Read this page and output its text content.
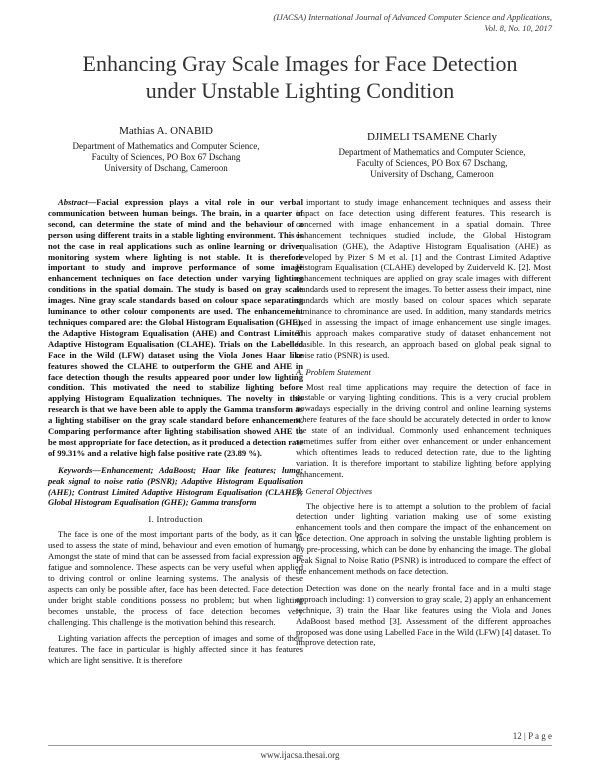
(IJACSA) International Journal of Advanced Computer Science and Applications,
Vol. 8, No. 10, 2017
Enhancing Gray Scale Images for Face Detection
under Unstable Lighting Condition
Mathias A. ONABID
Department of Mathematics and Computer Science,
Faculty of Sciences, PO Box 67 Dschang
University of Dschang, Cameroon
DJIMELI TSAMENE Charly
Department of Mathematics and Computer Science,
Faculty of Sciences, PO Box 67 Dschang,
University of Dschang, Cameroon

Abstract—Facial expression plays a vital role in our verbal communication between human beings. The brain, in a quarter of second, can determine the state of mind and the behaviour of a person using different traits in a stable lighting environment. This is not the case in real applications such as online learning or driver monitoring system where lighting is not stable. It is therefore important to study and improve performance of some image enhancement techniques on face detection under varying lighting conditions in the spatial domain. The study is based on gray scale images. Nine gray scale standards based on colour space separating luminance to other colour components are used. The enhancement techniques compared are: the Global Histogram Equalisation (GHE), the Adaptive Histogram Equalisation (AHE) and Contrast Limited Adaptive Histogram Equalisation (CLAHE). Trials on the Labelled Face in the Wild (LFW) dataset using the Viola Jones Haar like features showed the CLAHE to outperform the GHE and AHE in face detection though the results appeared poor under low lighting condition. This motivated the need to stabilize lighting before applying Histogram Equalization techniques. The novelty in this research is that we have been able to apply the Gamma transform as a lighting stabiliser on the gray scale standard before enhancement. Comparing performance after lighting stabilisation showed AHE to be most appropriate for face detection, as it produced a detection rate of 99.31% and a relative high false positive rate (23.89 %).

Keywords—Enhancement; AdaBoost; Haar like features; luma; peak signal to noise ratio (PSNR); Adaptive Histogram Equalisation (AHE); Contrast Limited Adaptive Histogram Equalisation (CLAHE); Global Histogram Equalisation (GHE); Gamma transform

I. Introduction

The face is one of the most important parts of the body, as it can be used to assess the state of mind, behaviour and even emotion of humans. Amongst the state of mind that can be assessed from facial expression are fatigue and somnolence. These aspects can be very useful when applied to driving control or online learning systems. The analysis of these aspects can only be possible after, face has been detected. Face detection under bright stable conditions possess no problem; but when lighting becomes unstable, the process of face detection becomes very challenging. This challenge is the motivation behind this research.

Lighting variation affects the perception of images and some of their features. The face in particular is highly affected since it has features which are light sensitive. It is therefore

important to study image enhancement techniques and assess their impact on face detection using different features. This research is concerned with image enhancement in a spatial domain. Three enhancement techniques studied include, the Global Histogram equalisation (GHE), the Adaptive Histogram Equalisation (AHE) as developed by Pizer S M et al. [1] and the Contrast Limited Adaptive Histogram Equalisation (CLAHE) developed by Zuiderveld K. [2]. Most enhancement techniques are applied on gray scale images with different standards used to represent the images. To better assess their impact, nine standards which are mostly based on colour spaces which separate luminance to chrominance are used. In addition, many standards metrics used in assessing the impact of image enhancement use single images. This approach makes comparative study of dataset enhancement not feasible. In this research, an approach based on global peak signal to noise ratio (PSNR) is used.

A. Problem Statement

Most real time applications may require the detection of face in unstable or varying lighting conditions. This is a very crucial problem nowadays especially in the driving control and online learning systems where features of the face should be accurately detected in order to know the state of an individual. Commonly used enhancement techniques sometimes suffer from either over enhancement or under enhancement which oftentimes leads to reduced detection rate, due to the lighting variation. It is therefore important to stabilize lighting before applying enhancement.

B. General Objectives

The objective here is to attempt a solution to the problem of facial detection under lighting variation making use of some existing enhancement tools and then compare the impact of the enhancement on face detection. One approach in solving the unstable lighting problem is by pre-processing, which can be done by enhancing the image. The global Peak Signal to Noise Ratio (PSNR) is introduced to compare the effect of the enhancement methods on face detection.

Detection was done on the nearly frontal face and in a multi stage approach including: 1) conversion to gray scale, 2) apply an enhancement technique, 3) train the Haar like features using the Viola and Jones AdaBoost based method [3]. Assessment of the different approaches proposed was done using Labelled Face in the Wild (LFW) [4] dataset. To improve detection rate,

12 | P a g e
www.ijacsa.thesai.org
